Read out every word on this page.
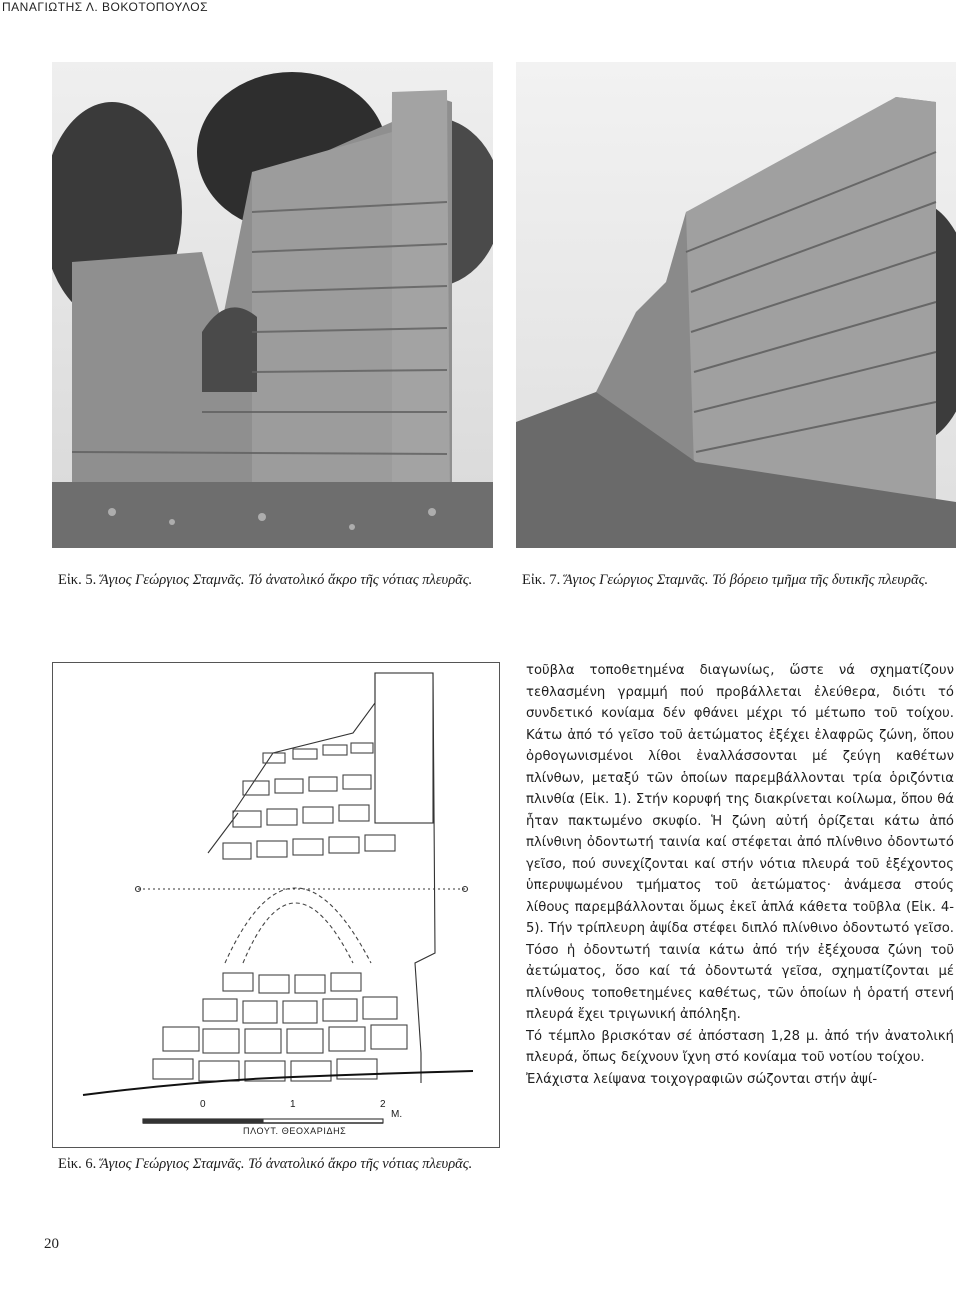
ΠΑΝΑΓΙΩΤΗΣ Λ. ΒΟΚΟΤΟΠΟΥΛΟΣ
Εἰκ. 5. Ἅγιος Γεώργιος Σταμνᾶς. Τό ἀνατολικό ἄκρο τῆς νότιας πλευρᾶς.	Εἰκ. 7. Ἅγιος Γεώργιος Σταμνᾶς. Τό βόρειο τμῆμα τῆς δυτικῆς πλευρᾶς.
0	1	2
Μ.
ΠΛΟΥΤ. ΘΕΟΧΑΡΙΔΗΣ
Εἰκ. 6. Ἅγιος Γεώργιος Σταμνᾶς. Τό ἀνατολικό ἄκρο τῆς νότιας πλευρᾶς.

τοῦβλα τοποθετημένα διαγωνίως, ὥστε νά σχηματίζουν τεθλασμένη γραμμή πού προβάλλεται ἐλεύθερα, διότι τό συνδετικό κονίαμα δέν φθάνει μέχρι τό μέτωπο τοῦ τοίχου. Κάτω ἀπό τό γεῖσο τοῦ ἀετώματος ἐξέχει ἐλαφρῶς ζώνη, ὅπου ὀρθογωνισμένοι λίθοι ἐναλλάσσονται μέ ζεύγη καθέτων πλίνθων, μεταξύ τῶν ὁποίων παρεμβάλλονται τρία ὁριζόντια πλινθία (Εἰκ. 1). Στήν κορυφή της διακρίνεται κοίλωμα, ὅπου θά ἦταν πακτωμένο σκυφίο. Ἡ ζώνη αὐτή ὁρίζεται κάτω ἀπό πλίνθινη ὀδοντωτή ταινία καί στέφεται ἀπό πλίνθινο ὀδοντωτό γεῖσο, πού συνεχίζονται καί στήν νότια πλευρά τοῦ ἐξέχοντος ὑπερυψωμένου τμήματος τοῦ ἀετώματος· ἀνάμεσα στούς λίθους παρεμβάλλονται ὅμως ἐκεῖ ἁπλά κάθετα τοῦβλα (Εἰκ. 4-5). Τήν τρίπλευρη ἀψίδα στέφει διπλό πλίνθινο ὀδοντωτό γεῖσο. Τόσο ἡ ὀδοντωτή ταινία κάτω ἀπό τήν ἐξέχουσα ζώνη τοῦ ἀετώματος, ὅσο καί τά ὀδοντωτά γεῖσα, σχηματίζονται μέ πλίνθους τοποθετημένες καθέτως, τῶν ὁποίων ἡ ὁρατή στενή πλευρά ἔχει τριγωνική ἀπόληξη.

Τό τέμπλο βρισκόταν σέ ἀπόσταση 1,28 μ. ἀπό τήν ἀνατολική πλευρά, ὅπως δείχνουν ἴχνη στό κονίαμα τοῦ νοτίου τοίχου.

Ἐλάχιστα λείψανα τοιχογραφιῶν σώζονται στήν ἀψί-

20
